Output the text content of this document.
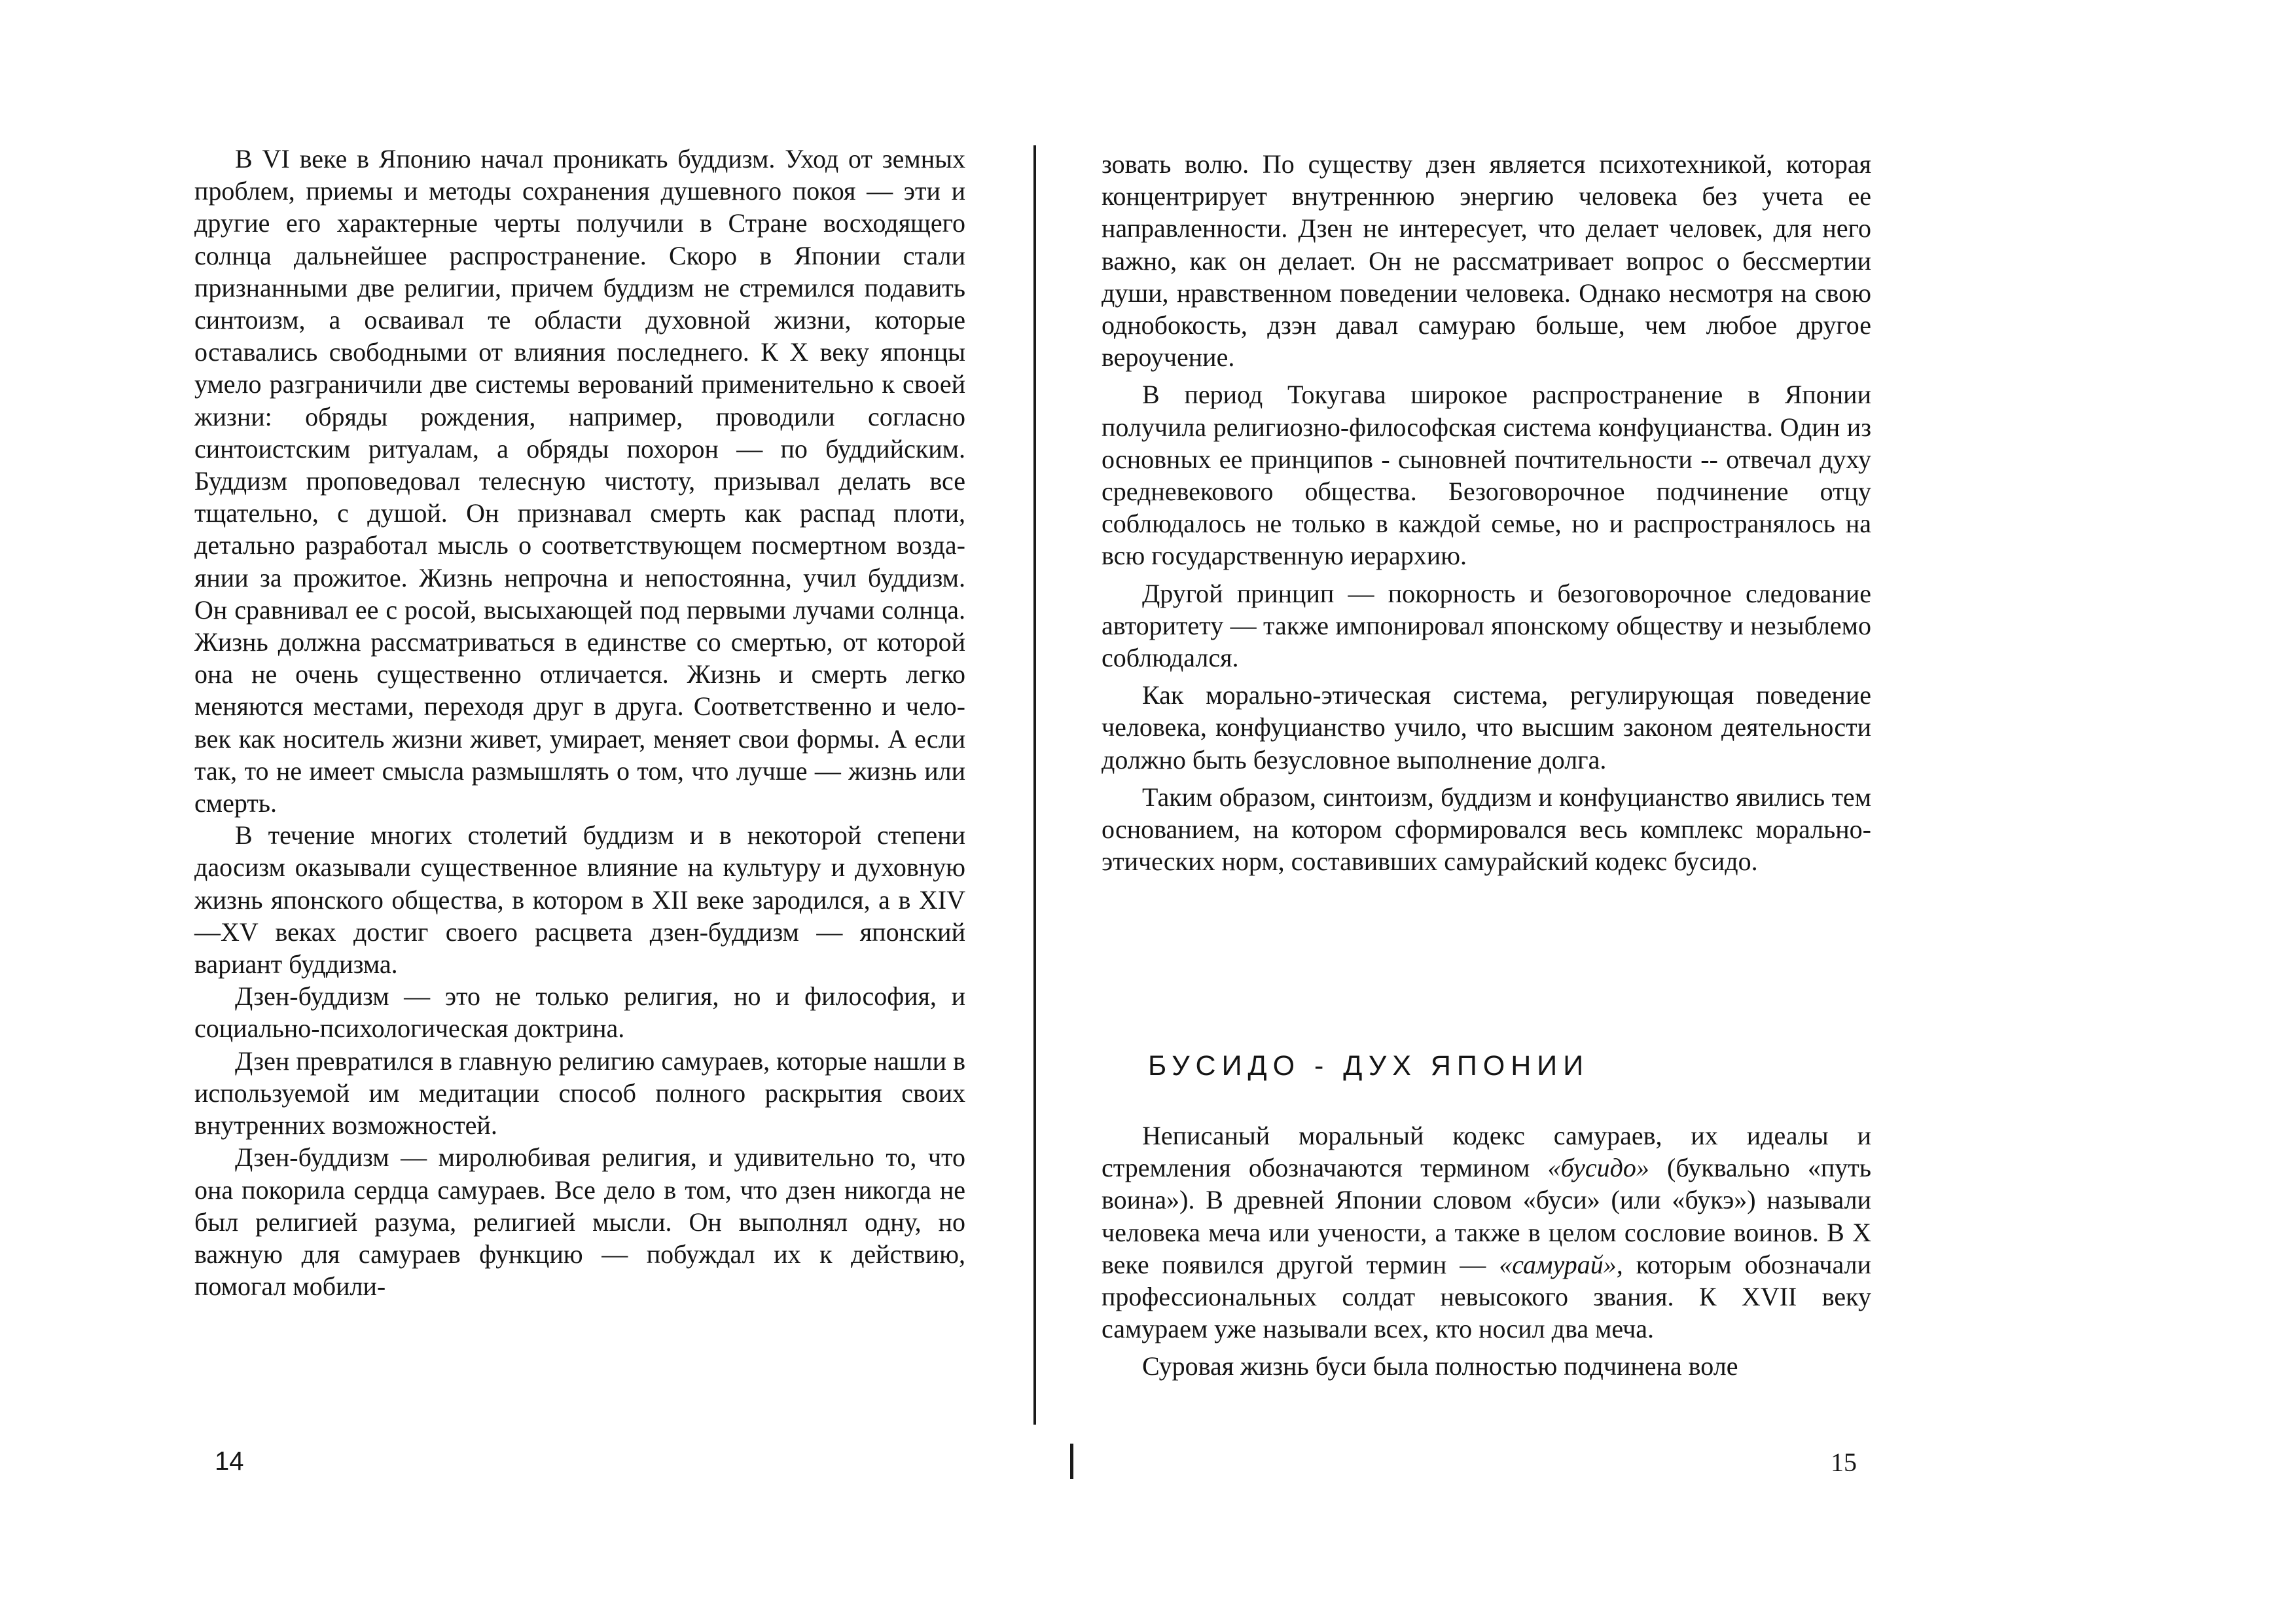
В VI веке в Японию начал проникать буддизм. Уход от земных проблем, приемы и методы сохранения душевного покоя — эти и другие его характерные черты получили в Стране восходящего солнца дальнейшее распространение. Скоро в Японии стали признанными две религии, причем буддизм не стремился подавить синтоизм, а осваивал те области духовной жизни, которые оставались свободными от влияния последнего. К X веку японцы умело разграничили две системы верований применительно к своей жизни: обряды рождения, например, проводили согласно синтоистским ритуалам, а обряды похорон — по буддийским. Буддизм проповедовал телесную чистоту, призывал делать все тщательно, с душой. Он признавал смерть как распад плоти, детально разработал мысль о соответствующем посмертном воздаянии за прожитое. Жизнь непрочна и непостоянна, учил буддизм. Он сравнивал ее с росой, высыхающей под первыми лучами солнца. Жизнь должна рассматриваться в единстве со смертью, от которой она не очень существенно отличается. Жизнь и смерть легко меняются местами, переходя друг в друга. Соответственно и человек как носитель жизни живет, умирает, меняет свои формы. А если так, то не имеет смысла размышлять о том, что лучше — жизнь или смерть.

В течение многих столетий буддизм и в некоторой степени даосизм оказывали существенное влияние на культуру и духовную жизнь японского общества, в котором в XII веке зародился, а в XIV—XV веках достиг своего расцвета дзен-буддизм — японский вариант буддизма.

Дзен-буддизм — это не только религия, но и философия, и социально-психологическая доктрина.

Дзен превратился в главную религию самураев, которые нашли в используемой им медитации способ полного раскрытия своих внутренних возможностей.

Дзен-буддизм — миролюбивая религия, и удивительно то, что она покорила сердца самураев. Все дело в том, что дзен никогда не был религией разума, религией мысли. Он выполнял одну, но важную для самураев функцию — побуждал их к действию, помогал мобили-

14

зовать волю. По существу дзен является психотехникой, которая концентрирует внутреннюю энергию человека без учета ее направленности. Дзен не интересует, что делает человек, для него важно, как он делает. Он не рассматривает вопрос о бессмертии души, нравственном поведении человека. Однако несмотря на свою однобокость, дзэн давал самураю больше, чем любое другое вероучение.

В период Токугава широкое распространение в Японии получила религиозно-философская система конфуцианства. Один из основных ее принципов - сыновней почтительности -- отвечал духу средневекового общества. Безоговорочное подчинение отцу соблюдалось не только в каждой семье, но и распространялось на всю государственную иерархию.

Другой принцип — покорность и безоговорочное следование авторитету — также импонировал японскому обществу и незыблемо соблюдался.

Как морально-этическая система, регулирующая поведение человека, конфуцианство учило, что высшим законом деятельности должно быть безусловное выполнение долга.

Таким образом, синтоизм, буддизм и конфуцианство явились тем основанием, на котором сформировался весь комплекс морально-этических норм, составивших самурайский кодекс бусидо.

БУСИДО - ДУХ ЯПОНИИ

Неписаный моральный кодекс самураев, их идеалы и стремления обозначаются термином «бусидо» (буквально «путь воина»). В древней Японии словом «буси» (или «букэ») называли человека меча или учености, а также в целом сословие воинов. В X веке появился другой термин — «самурай», которым обозначали профессиональных солдат невысокого звания. К XVII веку самураем уже называли всех, кто носил два меча.

Суровая жизнь буси была полностью подчинена воле

15
